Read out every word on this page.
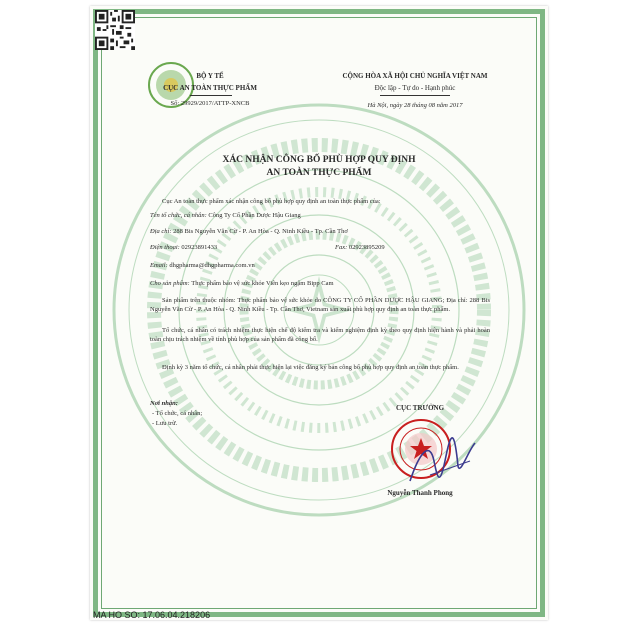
BỘ Y TẾ
CỤC AN TOÀN THỰC PHẨM
Số: 29929/2017/ATTP-XNCB
CỘNG HÒA XÃ HỘI CHỦ NGHĨA VIỆT NAM
Độc lập - Tự do - Hạnh phúc
Hà Nội, ngày 28 tháng 08 năm 2017
XÁC NHẬN CÔNG BỐ PHÙ HỢP QUY ĐỊNH
AN TOÀN THỰC PHẨM
Cục An toàn thực phẩm xác nhận công bố phù hợp quy định an toàn thực phẩm của:
Tên tổ chức, cá nhân: Công Ty Cổ Phần Dược Hậu Giang
Địa chỉ: 288 Bis Nguyễn Văn Cừ - P. An Hòa - Q. Ninh Kiều - Tp. Cần Thơ
Điện thoại: 02923891433	Fax: 02923895209
Email: dhgpharma@dhgpharma.com.vn
Cho sản phẩm: Thực phẩm bảo vệ sức khỏe Viên kẹo ngậm Bipp Cam
Sản phẩm trên thuộc nhóm: Thực phẩm bảo vệ sức khỏe do CÔNG TY CỔ PHẦN DƯỢC HẬU GIANG; Địa chỉ: 288 Bis Nguyễn Văn Cừ - P. An Hòa - Q. Ninh Kiều - Tp. Cần Thơ, Vietnam sản xuất phù hợp quy định an toàn thực phẩm.
Tổ chức, cá nhân có trách nhiệm thực hiện chế độ kiểm tra và kiểm nghiệm định kỳ theo quy định hiện hành và phải hoàn toàn chịu trách nhiệm về tính phù hợp của sản phẩm đã công bố.
Định kỳ 3 năm tổ chức, cá nhân phải thực hiện lại việc đăng ký bản công bố phù hợp quy định an toàn thực phẩm.
Nơi nhận:
- Tổ chức, cá nhân;
- Lưu trữ.
CỤC TRƯỞNG
Nguyễn Thanh Phong
MA HO SO: 17.06.04.218206
